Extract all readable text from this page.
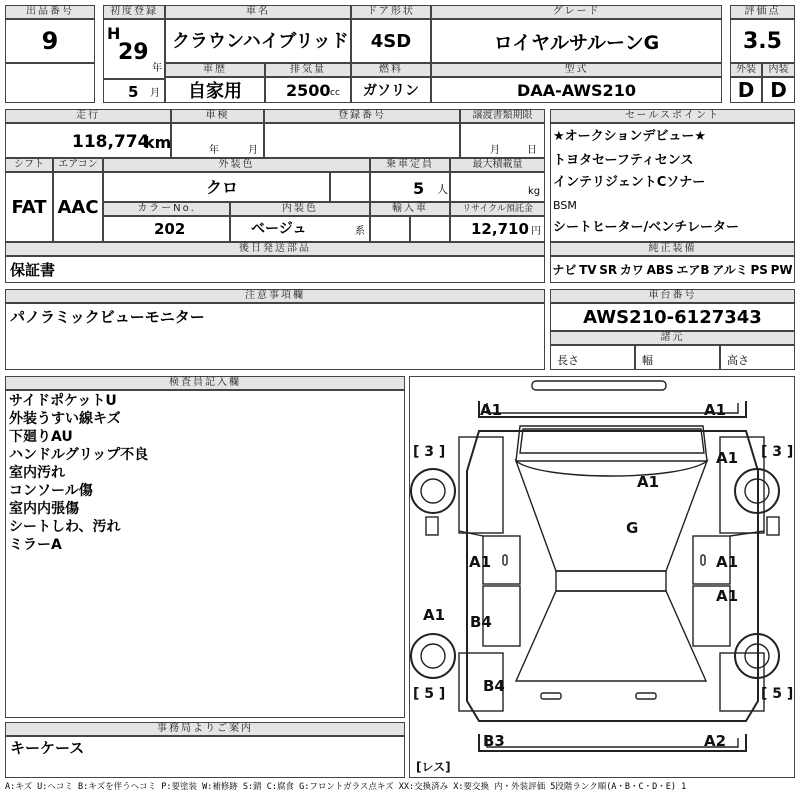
出品番号
9
初度登録
H
29
年
5 月
車名
クラウンハイブリッド
ドア形状
4SD
グレード
ロイヤルサルーンG
評価点
3.5
車歴
自家用
排気量
2500 cc
燃料
ガソリン
型式
DAA-AWS210
外装
D
内装
D
走行
118,774
km
車検
年	月
登録番号	譲渡書類期限
月	日
セールスポイント
★オークションデビュー★
トヨタセーフティセンス
インテリジェントCソナー
BSM
シートヒーター/ベンチレーター
シフト
FAT
エアコン
AAC
外装色
クロ
乗車定員
5 人
最大積載量
kg
カラーNo.
202
内装色
ベージュ	系
輸入車	リサイクル預託金
12,710 円
後日発送部品
保証書
純正装備
ナビ TV SR カワ ABS エアB アルミ PS PW
注意事項欄
パノラミックビューモニター
車台番号
AWS210-6127343
諸元
長さ	幅	高さ
検査員記入欄
サイドポケットU
外装うすい線キズ
下廻りAU
ハンドルグリップ不良
室内汚れ
コンソール傷
室内内張傷
シートしわ、汚れ
ミラーA
事務局よりご案内
キーケース
[ 3 ]	[ 3 ]
[ 5 ]	[ 5 ]
[レス]
A1	A1
A1
A1
G
A1	A1
A1
A1 B4
B4
B3	A2
A:キズ U:ヘコミ B:キズを伴うヘコミ P:要塗装 W:補修跡 S:錆 C:腐食 G:フロントガラス点キズ XX:交換済み X:要交換 内・外装評価 5段階ランク順(A・B・C・D・E) 1
